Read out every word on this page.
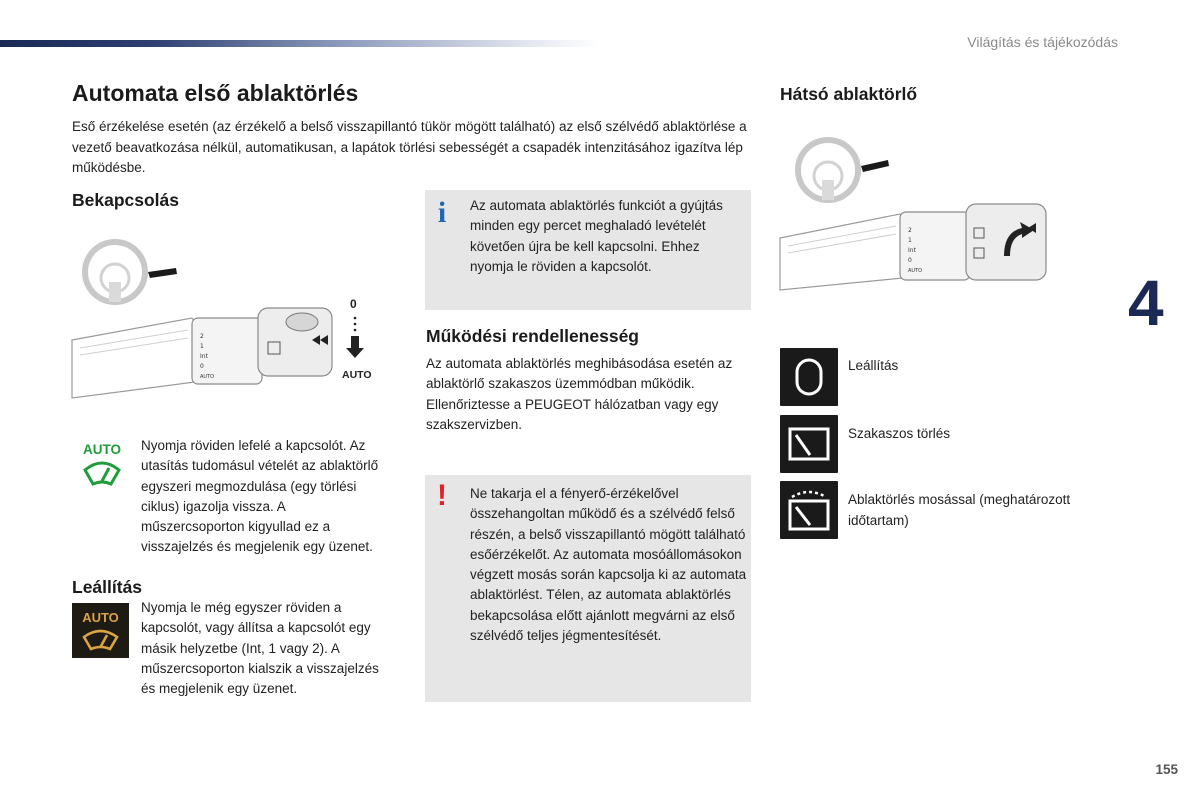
Világítás és tájékozódás
Automata első ablaktörlés

Eső érzékelése esetén (az érzékelő a belső visszapillantó tükör mögött található) az első szélvédő ablaktörlése a vezető beavatkozása nélkül, automatikusan, a lapátok törlési sebességét a csapadék intenzitásához igazítva lép működésbe.

Bekapcsolás
2
1
Int
0
AUTO
0
AUTO
AUTO Nyomja röviden lefelé a kapcsolót. Az utasítás tudomásul vételét az ablaktörlő egyszeri megmozdulása (egy törlési ciklus) igazolja vissza. A műszercsoporton kigyullad ez a visszajelzés és megjelenik egy üzenet.

Leállítás
AUTO

Nyomja le még egyszer röviden a kapcsolót, vagy állítsa a kapcsolót egy másik helyzetbe (Int, 1 vagy 2). A műszercsoporton kialszik a visszajelzés és megjelenik egy üzenet.

i Az automata ablaktörlés funkciót a gyújtás minden egy percet meghaladó levételét követően újra be kell kapcsolni. Ehhez nyomja le röviden a kapcsolót.

Működési rendellenesség

Az automata ablaktörlés meghibásodása esetén az ablaktörlő szakaszos üzemmódban működik. Ellenőriztesse a PEUGEOT hálózatban vagy egy szakszervizben.

! Ne takarja el a fényerő-érzékelővel összehangoltan működő és a szélvédő felső részén, a belső visszapillantó mögött található esőérzékelőt. Az automata mosóállomásokon végzett mosás során kapcsolja ki az automata ablaktörlést. Télen, az automata ablaktörlés bekapcsolása előtt ajánlott megvárni az első szélvédő teljes jégmentesítését.

Hátsó ablaktörlő
2
1
Int
0
AUTO
Leállítás
Szakaszos törlés
Ablaktörlés mosással (meghatározott időtartam)
4
155
